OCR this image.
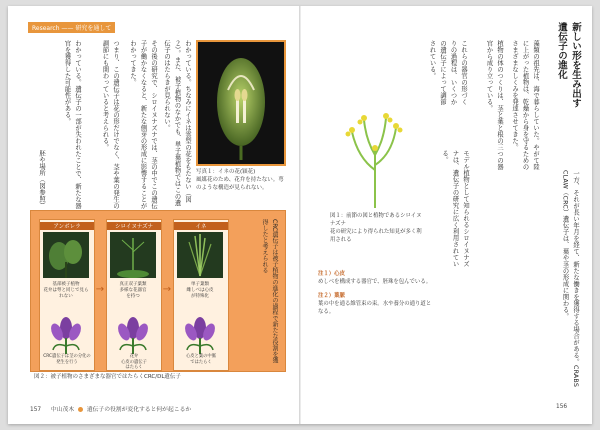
Research —— 研究を通して
わかっている。ちなみにイネは雲型の花をもたない（図２）。また、被子植物のなかでも、単子葉植物ではこの遺伝子のはたらきが見られない。
その後の研究で、シロイヌナズナでは、茎の中でこの遺伝子が働かなくなると、新たな側芽の形成に影響することがわかってきた。
つまり、この遺伝子は花の形だけでなく、茎や葉の発生の調節にも関わっていると考えられる。
わかっている。遺伝子の一部が失われたことで、新たな器官を獲得した可能性がある。
胚や場所（図参照）	写真１：イネの花(穎花)
風媒花のため、花弁を持たない。萼のような構造が見られない。
アンボレラ
基部被子植物
花弁は萼と同じで見られない
CRC遺伝子は茎の分化の発生を行う
→
シロイヌナズナ
真正双子葉類
多様な花器官
を持つ
花弁
心皮の遺伝子
はたらく
→
イネ
単子葉類
雌しべは心皮
が特殊化
心皮と葉の中脈
ではたらく	CRC遺伝子は被子植物の進化の過程で新たな役割を獲得したと考えられる
図２：被子植物のさまざまな器官ではたらくCRC/DL遺伝子
157 中山茂木 遺伝子の役割が変化すると何が起こるか
新しい形を生み出す
遺伝子の進化
藻類の祖先は、海で暮らしていた。やがて陸に上がった植物は、乾燥から身を守るためのさまざまなしくみを発達させてきた。
植物の体のつくりは、茎と葉と根の三つの器官から成り立っている。
これらの器官の形づくりの過程は、いくつかの遺伝子によって調節されている。
モデル植物として知られるシロイヌナズナは、遺伝子の研究に広く利用されている。
一方、それが長い年月を経て、新たな働きを獲得する場合がある。CRABS CLAW（CRC）遺伝子は、葉や茎の形成に関わる。
図１：前節の図と植物であるシロイヌナズナ
花の研究により得られた知見が多く利用される
注１）心皮
めしべを構成する器官で、胚珠を包んでいる。
注２）葉脈
葉の中を通る維管束の束。水や養分の通り道となる。
156
